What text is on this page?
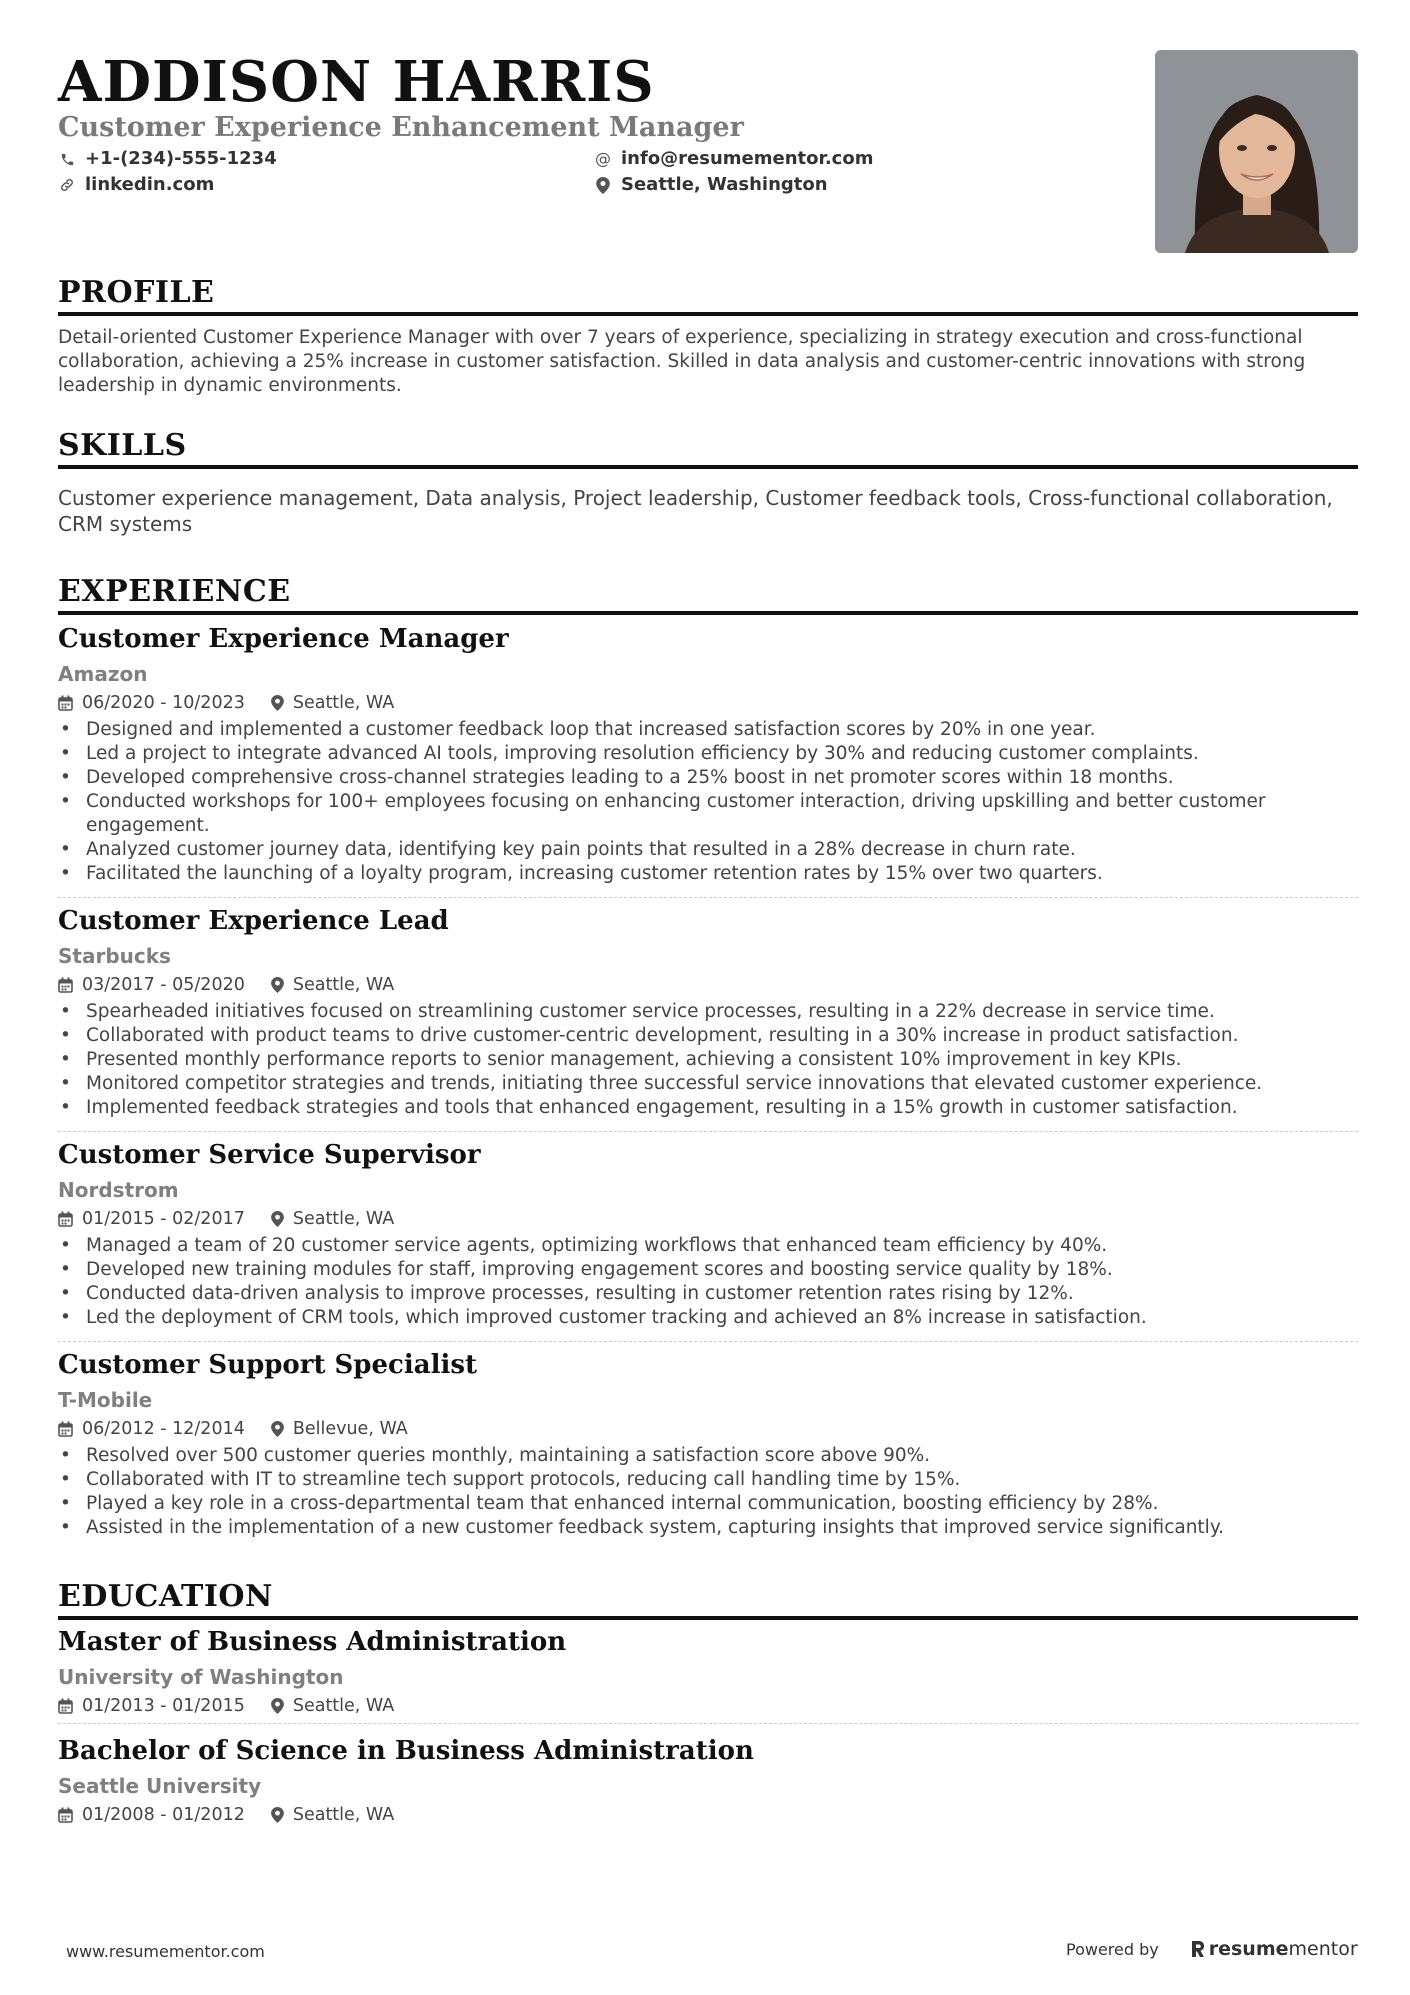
ADDISON HARRIS
Customer Experience Enhancement Manager
+1-(234)-555-1234	@ info@resumementor.com
linkedin.com	Seattle, Washington
PROFILE

Detail-oriented Customer Experience Manager with over 7 years of experience, specializing in strategy execution and cross-functional collaboration, achieving a 25% increase in customer satisfaction. Skilled in data analysis and customer-centric innovations with strong leadership in dynamic environments.

SKILLS

Customer experience management, Data analysis, Project leadership, Customer feedback tools, Cross-functional collaboration, CRM systems

EXPERIENCE
Customer Experience Manager
Amazon
06/2020 - 10/2023	Seattle, WA
• Designed and implemented a customer feedback loop that increased satisfaction scores by 20% in one year.
• Led a project to integrate advanced AI tools, improving resolution efficiency by 30% and reducing customer complaints.
• Developed comprehensive cross-channel strategies leading to a 25% boost in net promoter scores within 18 months.
• Conducted workshops for 100+ employees focusing on enhancing customer interaction, driving upskilling and better customer engagement.
• Analyzed customer journey data, identifying key pain points that resulted in a 28% decrease in churn rate.
• Facilitated the launching of a loyalty program, increasing customer retention rates by 15% over two quarters.
Customer Experience Lead
Starbucks
03/2017 - 05/2020	Seattle, WA
• Spearheaded initiatives focused on streamlining customer service processes, resulting in a 22% decrease in service time.
• Collaborated with product teams to drive customer-centric development, resulting in a 30% increase in product satisfaction.
• Presented monthly performance reports to senior management, achieving a consistent 10% improvement in key KPIs.
• Monitored competitor strategies and trends, initiating three successful service innovations that elevated customer experience.
• Implemented feedback strategies and tools that enhanced engagement, resulting in a 15% growth in customer satisfaction.
Customer Service Supervisor
Nordstrom
01/2015 - 02/2017	Seattle, WA
• Managed a team of 20 customer service agents, optimizing workflows that enhanced team efficiency by 40%.
• Developed new training modules for staff, improving engagement scores and boosting service quality by 18%.
• Conducted data-driven analysis to improve processes, resulting in customer retention rates rising by 12%.
• Led the deployment of CRM tools, which improved customer tracking and achieved an 8% increase in satisfaction.
Customer Support Specialist
T-Mobile
06/2012 - 12/2014	Bellevue, WA
• Resolved over 500 customer queries monthly, maintaining a satisfaction score above 90%.
• Collaborated with IT to streamline tech support protocols, reducing call handling time by 15%.
• Played a key role in a cross-departmental team that enhanced internal communication, boosting efficiency by 28%.
• Assisted in the implementation of a new customer feedback system, capturing insights that improved service significantly.
EDUCATION
Master of Business Administration
University of Washington
01/2013 - 01/2015	Seattle, WA
Bachelor of Science in Business Administration
Seattle University
01/2008 - 01/2012	Seattle, WA
www.resumementor.com	Powered by	resume mentor
